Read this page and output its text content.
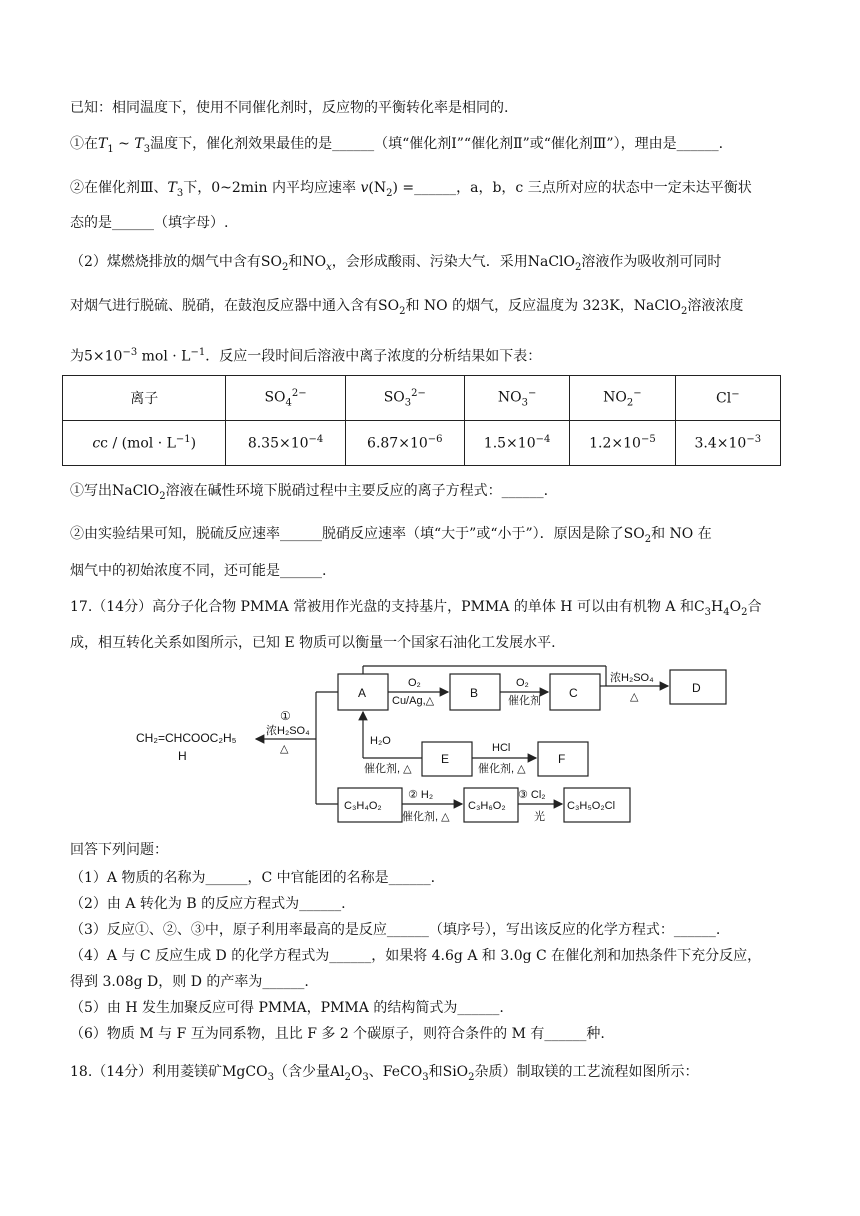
已知：相同温度下，使用不同催化剂时，反应物的平衡转化率是相同的.
①在$T_1$ ~ $T_3$温度下，催化剂效果最佳的是______（填“催化剂Ⅰ”“催化剂Ⅱ”或“催化剂Ⅲ”），理由是______.
②在催化剂Ⅲ、$T_3$下，0~2min 内平均应速率 $v(N_2)$ =______，a，b，c 三点所对应的状态中一定未达平衡状
态的是______（填字母）.
（2）煤燃烧排放的烟气中含有$SO_2$和$NO_x$，会形成酸雨、污染大气．采用NaClO$_2$溶液作为吸收剂可同时
对烟气进行脱硫、脱硝，在鼓泡反应器中通入含有$SO_2$和 NO 的烟气，反应温度为 323K，NaClO$_2$溶液浓度
为$5\times 10^{-3}$ mol · $L^{-1}$．反应一段时间后溶液中离子浓度的分析结果如下表：
离子	$SO_4^{2-}$	$SO_3^{2-}$	$NO_3^-$	$NO_2^-$	Cl−
cc / $(mol \cdot L^{-1})$	$8.35\times 10^{-4}$	$6.87\times 10^{-6}$	$1.5\times 10^{-4}$	$1.2\times 10^{-5}$	$3.4\times 10^{-3}$
①写出NaClO$_2$溶液在碱性环境下脱硝过程中主要反应的离子方程式：______.
②由实验结果可知，脱硫反应速率______脱硝反应速率（填“大于”或“小于”）．原因是除了$SO_2$和 NO 在
烟气中的初始浓度不同，还可能是______.
17.（14分）高分子化合物 PMMA 常被用作光盘的支持基片，PMMA 的单体 H 可以由有机物 A 和$C_3H_4O_2$合
成，相互转化关系如图所示，已知 E 物质可以衡量一个国家石油化工发展水平.
CH₂=CHCOOC₂H₅
H
①
浓H₂SO₄
△
A
O₂
Cu/Ag,△
B
O₂
催化剂
C
浓H₂SO₄
△
D
H₂O
催化剂, △
E
HCl
催化剂, △
F
C₃H₄O₂
② H₂
催化剂, △
C₃H₆O₂
③ Cl₂
光
C₃H₅O₂Cl
回答下列问题：
（1）A 物质的名称为______，C 中官能团的名称是______.
（2）由 A 转化为 B 的反应方程式为______.
（3）反应①、②、③中，原子利用率最高的是反应______（填序号），写出该反应的化学方程式：______.
（4）A 与 C 反应生成 D 的化学方程式为______，如果将 4.6g A 和 3.0g C 在催化剂和加热条件下充分反应，
得到 3.08g D，则 D 的产率为______.
（5）由 H 发生加聚反应可得 PMMA，PMMA 的结构简式为______.
（6）物质 M 与 F 互为同系物，且比 F 多 2 个碳原子，则符合条件的 M 有______种.
18.（14分）利用菱镁矿MgCO$_3$（含少量$Al_2O_3$、FeCO$_3$和SiO$_2$杂质）制取镁的工艺流程如图所示：
